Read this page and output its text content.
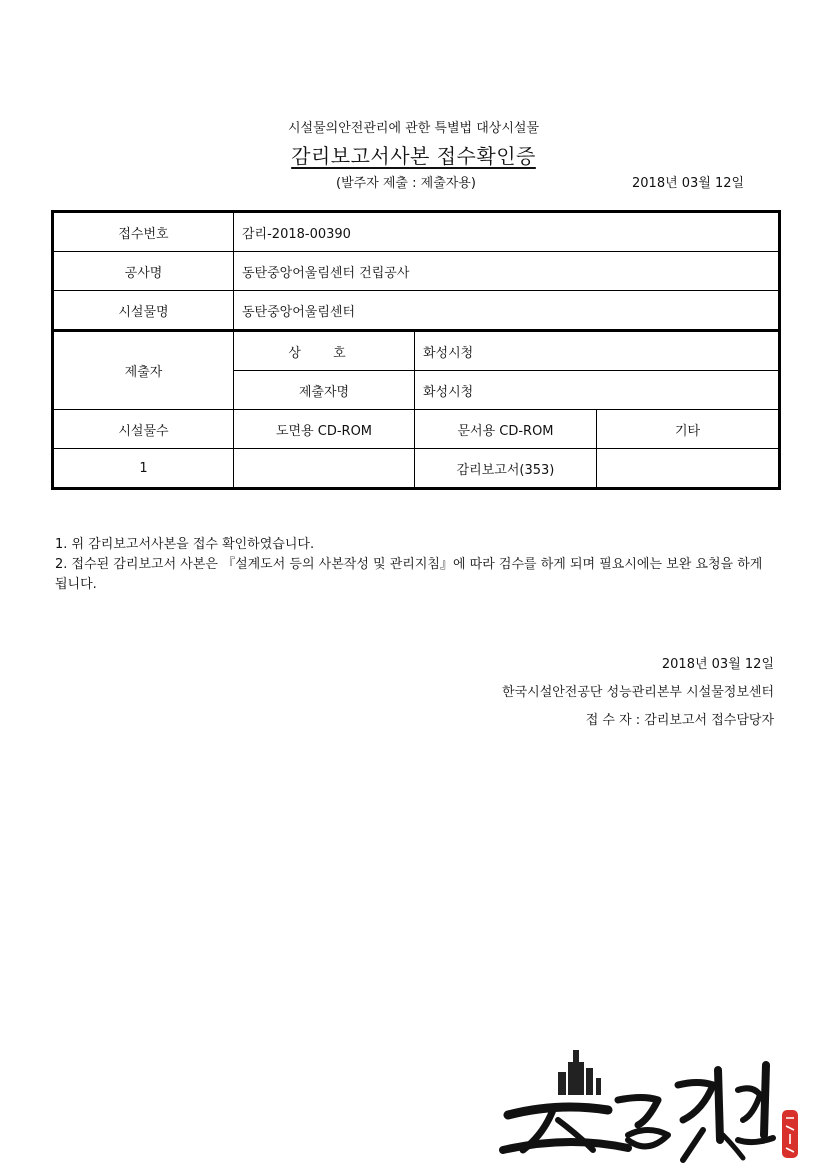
시설물의안전관리에 관한 특별법 대상시설물
감리보고서사본 접수확인증
(발주자 제출 : 제출자용)	2018년 03월 12일
접수번호	감리-2018-00390		
공사명	동탄중앙어울림센터 건립공사		
시설물명	동탄중앙어울림센터		
제출자	상 호	화성시청	
	제출자명	화성시청	
시설물수	도면용 CD-ROM	문서용 CD-ROM	기타
1		감리보고서(353)	

1. 위 감리보고서사본을 접수 확인하였습니다.

2. 접수된 감리보고서 사본은 『설계도서 등의 사본작성 및 관리지침』에 따라 검수를 하게 되며 필요시에는 보완 요청을 하게 됩니다.

2018년 03월 12일
한국시설안전공단 성능관리본부 시설물정보센터
접 수 자 : 감리보고서 접수담당자
